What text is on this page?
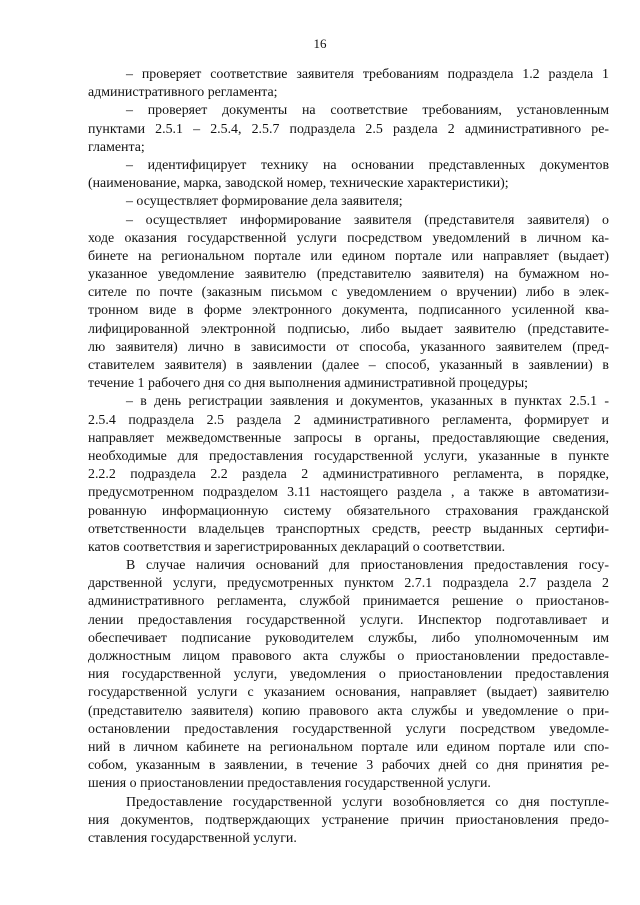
16
– проверяет соответствие заявителя требованиям подраздела 1.2 раздела 1
административного регламента;
– проверяет документы на соответствие требованиям, установленным
пунктами 2.5.1 – 2.5.4, 2.5.7 подраздела 2.5 раздела 2 административного ре-
гламента;
– идентифицирует технику на основании представленных документов
(наименование, марка, заводской номер, технические характеристики);
– осуществляет формирование дела заявителя;
– осуществляет информирование заявителя (представителя заявителя) о
ходе оказания государственной услуги посредством уведомлений в личном ка-
бинете на региональном портале или едином портале или направляет (выдает)
указанное уведомление заявителю (представителю заявителя) на бумажном но-
сителе по почте (заказным письмом с уведомлением о вручении) либо в элек-
тронном виде в форме электронного документа, подписанного усиленной ква-
лифицированной электронной подписью, либо выдает заявителю (представите-
лю заявителя) лично в зависимости от способа, указанного заявителем (пред-
ставителем заявителя) в заявлении (далее – способ, указанный в заявлении) в
течение 1 рабочего дня со дня выполнения административной процедуры;
– в день регистрации заявления и документов, указанных в пунктах 2.5.1 -
2.5.4 подраздела 2.5 раздела 2 административного регламента, формирует и
направляет межведомственные запросы в органы, предоставляющие сведения,
необходимые для предоставления государственной услуги, указанные в пункте
2.2.2 подраздела 2.2 раздела 2 административного регламента, в порядке,
предусмотренном подразделом 3.11 настоящего раздела , а также в автоматизи-
рованную информационную систему обязательного страхования гражданской
ответственности владельцев транспортных средств, реестр выданных сертифи-
катов соответствия и зарегистрированных деклараций о соответствии.
В случае наличия оснований для приостановления предоставления госу-
дарственной услуги, предусмотренных пунктом 2.7.1 подраздела 2.7 раздела 2
административного регламента, службой принимается решение о приостанов-
лении предоставления государственной услуги. Инспектор подготавливает и
обеспечивает подписание руководителем службы, либо уполномоченным им
должностным лицом правового акта службы о приостановлении предоставле-
ния государственной услуги, уведомления о приостановлении предоставления
государственной услуги с указанием основания, направляет (выдает) заявителю
(представителю заявителя) копию правового акта службы и уведомление о при-
остановлении предоставления государственной услуги посредством уведомле-
ний в личном кабинете на региональном портале или едином портале или спо-
собом, указанным в заявлении, в течение 3 рабочих дней со дня принятия ре-
шения о приостановлении предоставления государственной услуги.
Предоставление государственной услуги возобновляется со дня поступле-
ния документов, подтверждающих устранение причин приостановления предо-
ставления государственной услуги.
